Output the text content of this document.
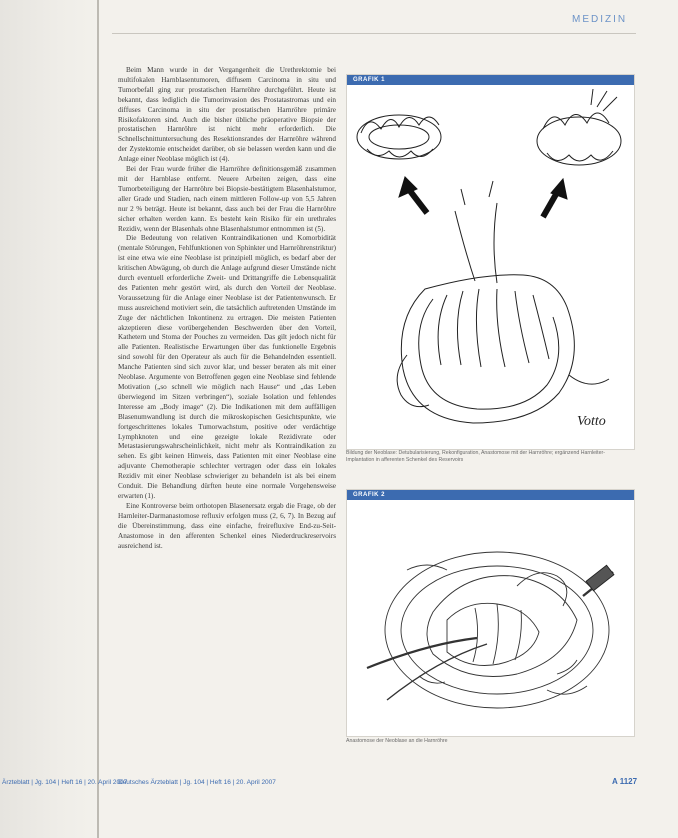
MEDIZIN

Beim Mann wurde in der Vergangenheit die Urethrektomie bei multifokalen Harnblasentumoren, diffusem Carcinoma in situ und Tumorbefall ging zur prostatischen Harnröhre durchgeführt. Heute ist bekannt, dass lediglich die Tumorinvasion des Prostatastromas und ein diffuses Carcinoma in situ der prostatischen Harnröhre primäre Risikofaktoren sind. Auch die bisher übliche präoperative Biopsie der prostatischen Harnröhre ist nicht mehr erforderlich. Die Schnellschnittuntersuchung des Resektionsrandes der Harnröhre während der Zystektomie entscheidet darüber, ob sie belassen werden kann und die Anlage einer Neoblase möglich ist (4).

Bei der Frau wurde früher die Harnröhre definitionsgemäß zusammen mit der Harnblase entfernt. Neuere Arbeiten zeigen, dass eine Tumorbeteiligung der Harnröhre bei Biopsie-bestätigtem Blasenhalstumor, aller Grade und Stadien, nach einem mittleren Follow-up von 5,5 Jahren nur 2 % beträgt. Heute ist bekannt, dass auch bei der Frau die Harnröhre sicher erhalten werden kann. Es besteht kein Risiko für ein urethrales Rezidiv, wenn der Blasenhals ohne Blasenhalstumor entnommen ist (5).

Die Bedeutung von relativen Kontraindikationen und Komorbidität (mentale Störungen, Fehlfunktionen von Sphinkter und Harnröhrenstriktur) ist eine etwa wie eine Neoblase ist prinzipiell möglich, es bedarf aber der kritischen Abwägung, ob durch die Anlage aufgrund dieser Umstände nicht durch eventuell erforderliche Zweit- und Drittangriffe die Lebensqualität des Patienten mehr gestört wird, als durch den Vorteil der Neoblase. Voraussetzung für die Anlage einer Neoblase ist der Patientenwunsch. Er muss ausreichend motiviert sein, die tatsächlich auftretenden Umstände im Zuge der nächtlichen Inkontinenz zu ertragen. Die meisten Patienten akzeptieren diese vorübergehenden Beschwerden über den Vorteil, Kathetern und Stoma der Pouches zu vermeiden. Das gilt jedoch nicht für alle Patienten. Realistische Erwartungen über das funktionelle Ergebnis sind sowohl für den Operateur als auch für die Behandelnden essentiell. Manche Patienten sind sich zuvor klar, und besser beraten als mit einer Neoblase. Argumente von Betroffenen gegen eine Neoblase sind fehlende Motivation („so schnell wie möglich nach Hause“ und „das Leben überwiegend im Sitzen verbringen“), soziale Isolation und fehlendes Interesse am „Body image“ (2). Die Indikationen mit dem auffälligen Blasenumwandlung ist durch die mikroskopischen Gesichtspunkte, wie fortgeschrittenes lokales Tumorwachstum, positive oder verdächtige Lymphknoten und eine gezeigte lokale Rezidivrate oder Metastasierungswahrscheinlichkeit, nicht mehr als Kontraindikation zu sehen. Es gibt keinen Hinweis, dass Patienten mit einer Neoblase eine adjuvante Chemotherapie schlechter vertragen oder dass ein lokales Rezidiv mit einer Neoblase schwieriger zu behandeln ist als bei einem Conduit. Die Behandlung dürften heute eine normale Vorgehensweise erwarten (1).

Eine Kontroverse beim orthotopen Blasenersatz ergab die Frage, ob der Harnleiter-Darmanastomose refluxiv erfolgen muss (2, 6, 7). In Bezug auf die Übereinstimmung, dass eine einfache, freirefluxive End-zu-Seit-Anastomose in den afferenten Schenkel eines Niederdruckreservoirs ausreichend ist.

GRAFIK 1
Votto
Bildung der Neoblase: Detubularisierung, Rekonfiguration, Anastomose mit der Harnröhre; ergänzend Harnleiter-Implantation in afferenten Schenkel des Reservoirs
GRAFIK 2
Anastomose der Neoblase an die Harnröhre
Ärzteblatt | Jg. 104 | Heft 16 | 20. April 2007
Deutsches Ärzteblatt | Jg. 104 | Heft 16 | 20. April 2007	A 1127
